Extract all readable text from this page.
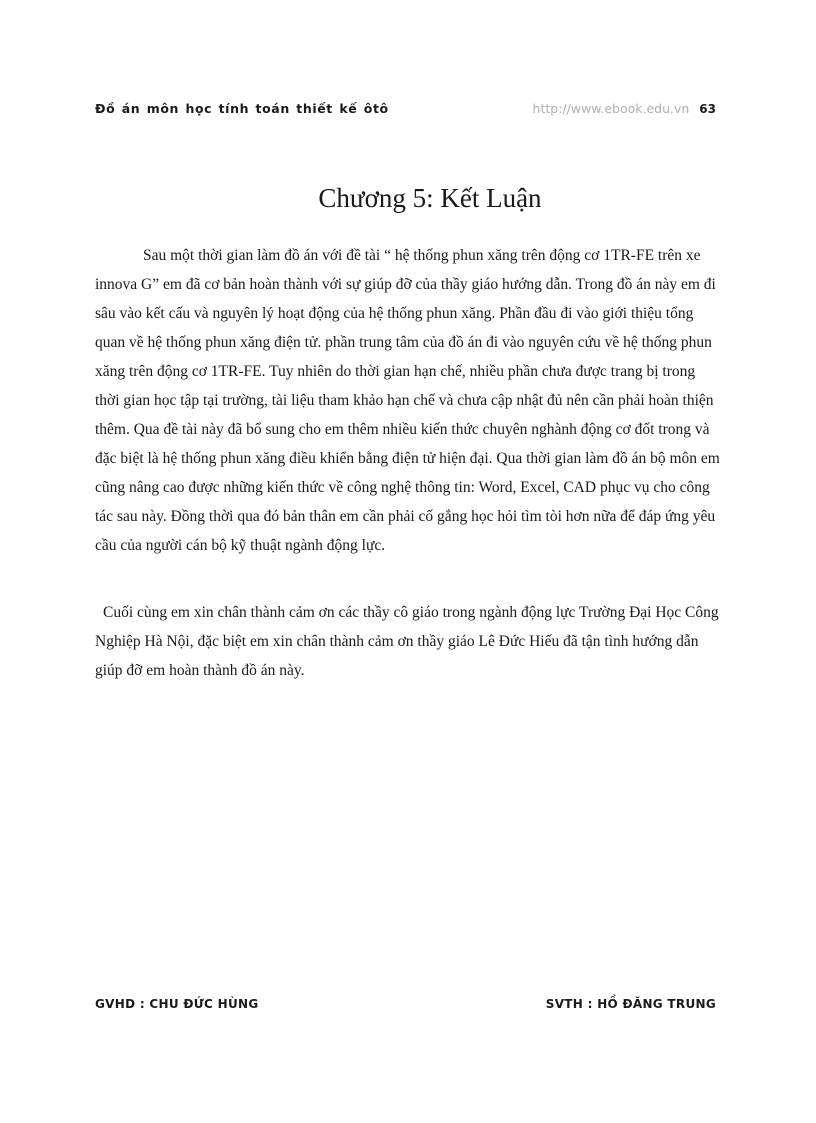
Đồ án môn học tính toán thiết kế ôtô	http://www.ebook.edu.vn 63
Chương 5: Kết Luận

Sau một thời gian làm đồ án với đề tài “ hệ thống phun xăng trên động cơ 1TR-FE trên xe innova G” em đã cơ bản hoàn thành với sự giúp đỡ của thầy giáo hướng dẫn. Trong đồ án này em đi sâu vào kết cấu và nguyên lý hoạt động của hệ thống phun xăng. Phần đầu đi vào giới thiệu tổng quan về hệ thống phun xăng điện tử. phần trung tâm của đồ án đi vào nguyên cứu về hệ thống phun xăng trên động cơ 1TR-FE. Tuy nhiên do thời gian hạn chế, nhiều phần chưa được trang bị trong thời gian học tập tại trường, tài liệu tham khảo hạn chế và chưa cập nhật đủ nên cần phải hoàn thiện thêm. Qua đề tài này đã bổ sung cho em thêm nhiều kiến thức chuyên nghành động cơ đốt trong và đặc biệt là hệ thống phun xăng điều khiển bằng điện tử hiện đại. Qua thời gian làm đồ án bộ môn em cũng nâng cao được những kiến thức về công nghệ thông tin: Word, Excel, CAD phục vụ cho công tác sau này. Đồng thời qua đó bản thân em cần phải cố gắng học hỏi tìm tòi hơn nữa để đáp ứng yêu cầu của người cán bộ kỹ thuật ngành động lực.

Cuối cùng em xin chân thành cảm ơn các thầy cô giáo trong ngành động lực Trường Đại Học Công Nghiệp Hà Nội, đặc biệt em xin chân thành cảm ơn thầy giáo Lê Đức Hiếu đã tận tình hướng dẫn giúp đỡ em hoàn thành đồ án này.

GVHD : CHU ĐỨC HÙNG	SVTH : HỒ ĐĂNG TRUNG
